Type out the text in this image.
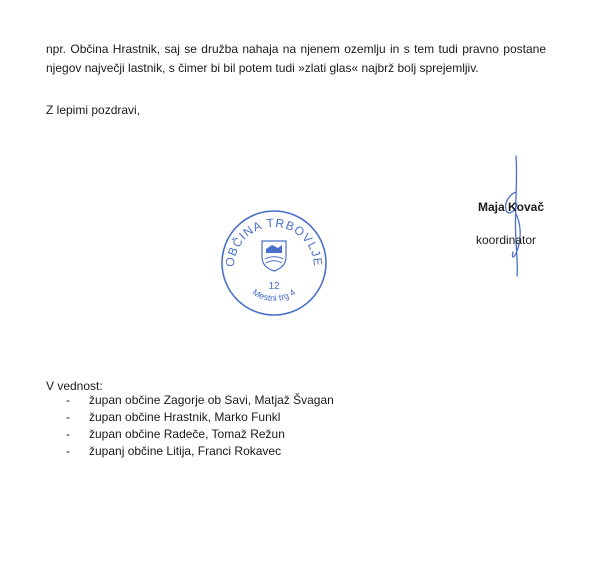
npr. Občina Hrastnik, saj se družba nahaja na njenem ozemlju in s tem tudi pravno postane njegov največji lastnik, s čimer bi bil potem tudi »zlati glas« najbrž bolj sprejemljiv.
Z lepimi pozdravi,
Maja Kovač
koordinator
OBČINA TRBOVLJE
12
Mestni trg 4
V vednost:
- župan občine Zagorje ob Savi, Matjaž Švagan
- župan občine Hrastnik, Marko Funkl
- župan občine Radeče, Tomaž Režun
- županj občine Litija, Franci Rokavec
